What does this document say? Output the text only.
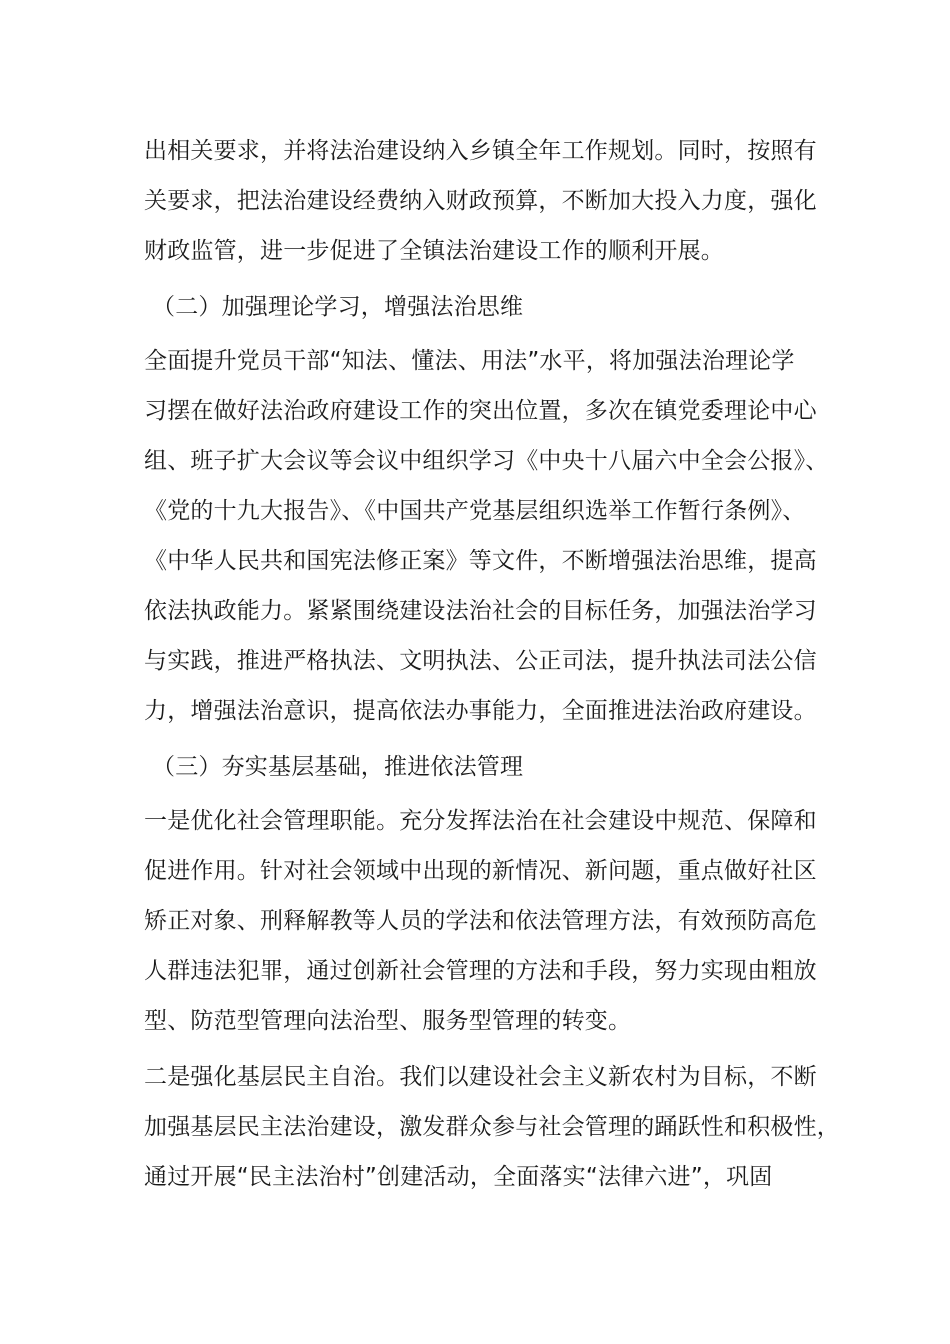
出相关要求，并将法治建设纳入乡镇全年工作规划。同时，按照有
关要求，把法治建设经费纳入财政预算，不断加大投入力度，强化
财政监管，进一步促进了全镇法治建设工作的顺利开展。
（二）加强理论学习，增强法治思维
全面提升党员干部“知法、懂法、用法”水平，将加强法治理论学
习摆在做好法治政府建设工作的突出位置，多次在镇党委理论中心
组、班子扩大会议等会议中组织学习《中央十八届六中全会公报》、
《党的十九大报告》、《中国共产党基层组织选举工作暂行条例》、
《中华人民共和国宪法修正案》等文件，不断增强法治思维，提高
依法执政能力。紧紧围绕建设法治社会的目标任务，加强法治学习
与实践，推进严格执法、文明执法、公正司法，提升执法司法公信
力，增强法治意识，提高依法办事能力，全面推进法治政府建设。
（三）夯实基层基础，推进依法管理
一是优化社会管理职能。充分发挥法治在社会建设中规范、保障和
促进作用。针对社会领域中出现的新情况、新问题，重点做好社区
矫正对象、刑释解教等人员的学法和依法管理方法，有效预防高危
人群违法犯罪，通过创新社会管理的方法和手段，努力实现由粗放
型、防范型管理向法治型、服务型管理的转变。
二是强化基层民主自治。我们以建设社会主义新农村为目标，不断
加强基层民主法治建设，激发群众参与社会管理的踊跃性和积极性，
通过开展“民主法治村”创建活动，全面落实“法律六进”，巩固
